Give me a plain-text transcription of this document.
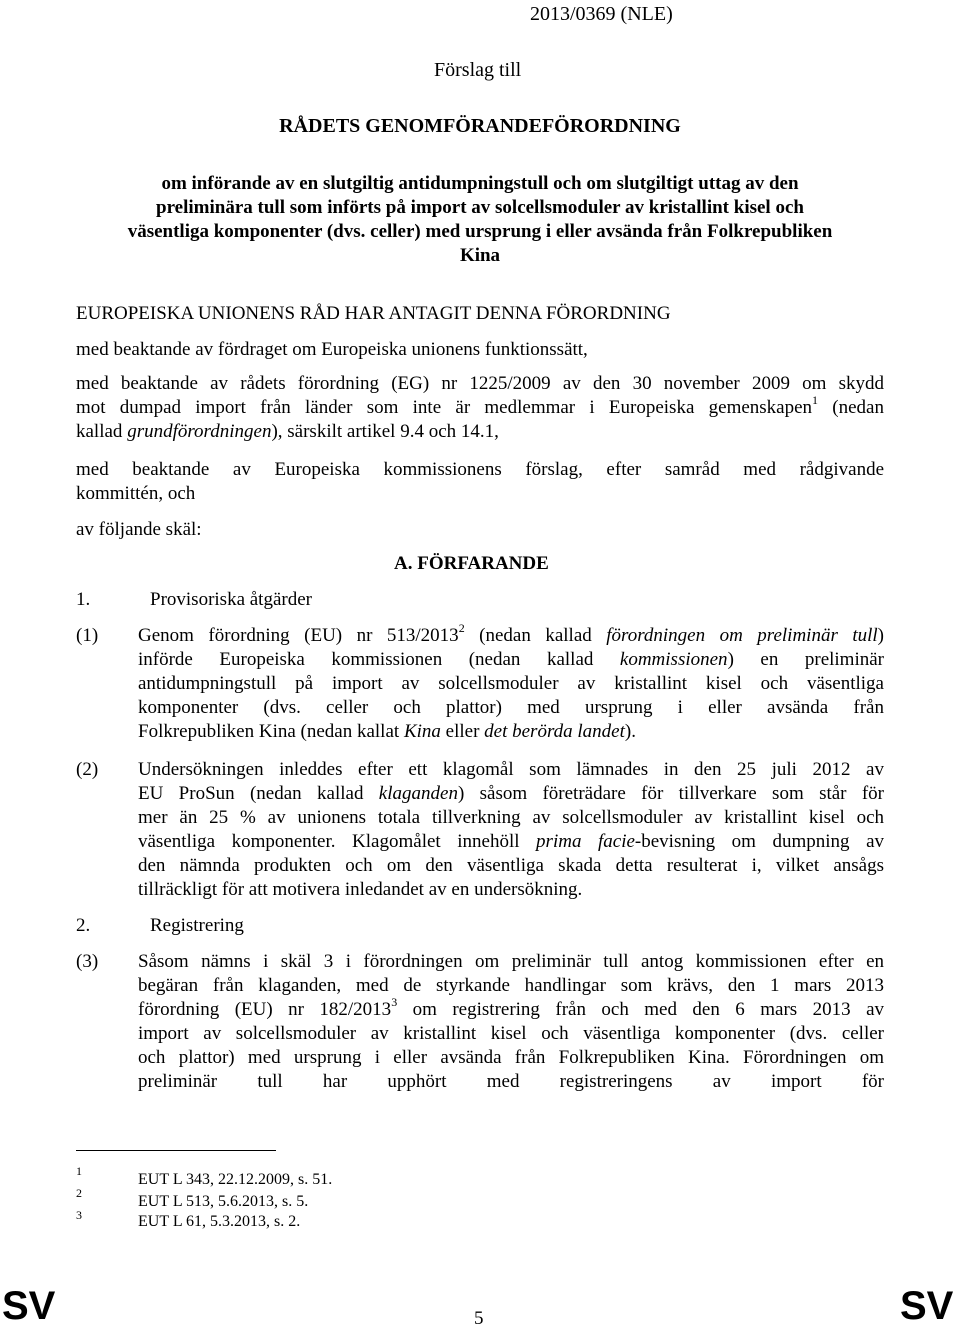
2013/0369 (NLE)
Förslag till
RÅDETS GENOMFÖRANDEFÖRORDNING
om införande av en slutgiltig antidumpningstull och om slutgiltigt uttag av den
preliminära tull som införts på import av solcellsmoduler av kristallint kisel och
väsentliga komponenter (dvs. celler) med ursprung i eller avsända från Folkrepubliken
Kina
EUROPEISKA UNIONENS RÅD HAR ANTAGIT DENNA FÖRORDNING
med beaktande av fördraget om Europeiska unionens funktionssätt,
med beaktande av rådets förordning (EG) nr 1225/2009 av den 30 november 2009 om skydd
mot dumpad import från länder som inte är medlemmar i Europeiska gemenskapen$^1$ (nedan
kallad grundförordningen), särskilt artikel 9.4 och 14.1,
med beaktande av Europeiska kommissionens förslag, efter samråd med rådgivande
kommittén, och
av följande skäl:
A. FÖRFARANDE
1.	Provisoriska åtgärder
(1) Genom förordning (EU) nr 513/2013$^2$ (nedan kallad förordningen om preliminär tull)
införde Europeiska kommissionen (nedan kallad kommissionen) en preliminär
antidumpningstull på import av solcellsmoduler av kristallint kisel och väsentliga
komponenter (dvs. celler och plattor) med ursprung i eller avsända från
Folkrepubliken Kina (nedan kallat Kina eller det berörda landet).
(2) Undersökningen inleddes efter ett klagomål som lämnades in den 25 juli 2012 av
EU ProSun (nedan kallad klaganden) såsom företrädare för tillverkare som står för
mer än 25 % av unionens totala tillverkning av solcellsmoduler av kristallint kisel och
väsentliga komponenter. Klagomålet innehöll prima facie-bevisning om dumpning av
den nämnda produkten och om den väsentliga skada detta resulterat i, vilket ansågs
tillräckligt för att motivera inledandet av en undersökning.
2.	Registrering
(3) Såsom nämns i skäl 3 i förordningen om preliminär tull antog kommissionen efter en
begäran från klaganden, med de styrkande handlingar som krävs, den 1 mars 2013
förordning (EU) nr 182/2013$^3$ om registrering från och med den 6 mars 2013 av
import av solcellsmoduler av kristallint kisel och väsentliga komponenter (dvs. celler
och plattor) med ursprung i eller avsända från Folkrepubliken Kina. Förordningen om
preliminär tull har upphört med registreringens av import för
1	EUT L 343, 22.12.2009, s. 51.
2	EUT L 513, 5.6.2013, s. 5.
3	EUT L 61, 5.3.2013, s. 2.
SV	5	SV
